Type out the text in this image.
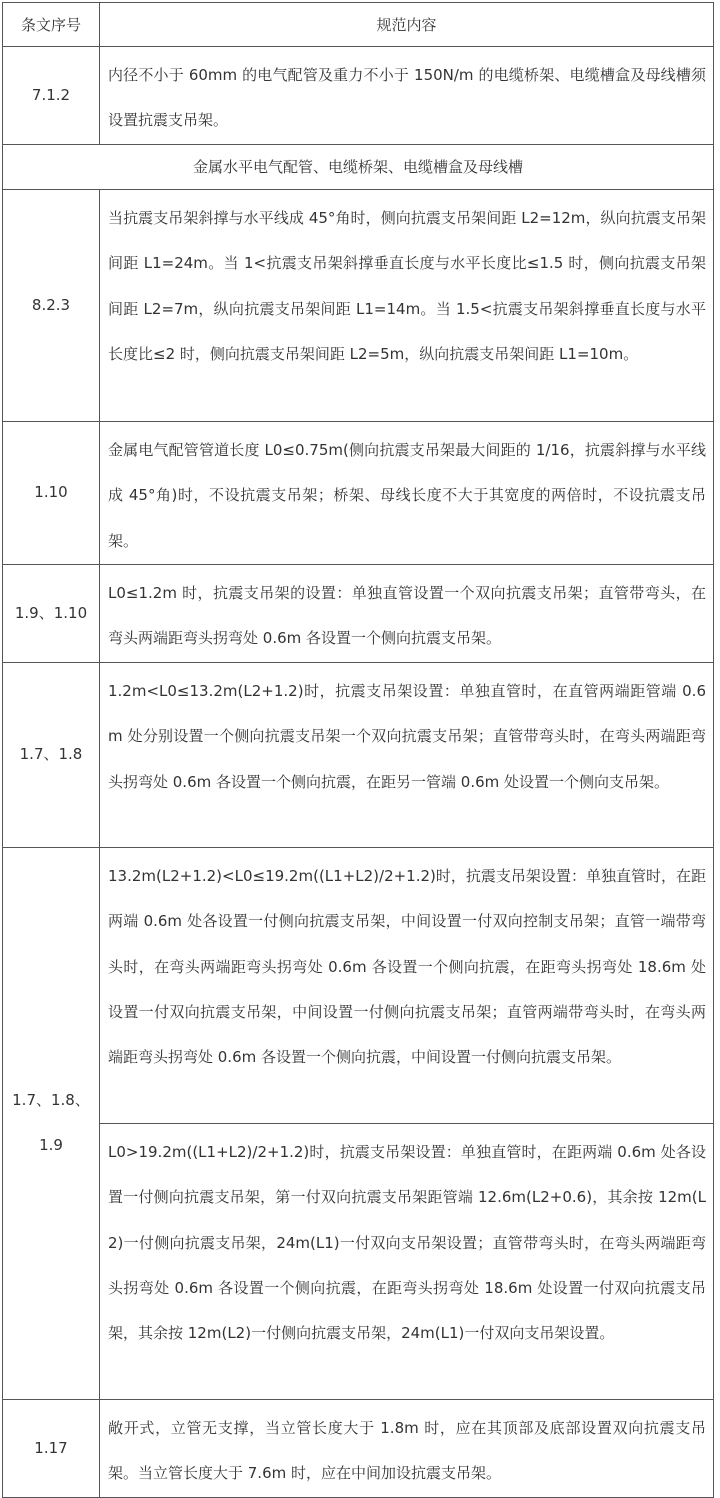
条文序号	规范内容
7.1.2	内径不小于 60mm 的电气配管及重力不小于 150N/m 的电缆桥架、电缆槽盒及母线槽须设置抗震支吊架。
金属水平电气配管、电缆桥架、电缆槽盒及母线槽	
8.2.3	当抗震支吊架斜撑与水平线成 45°角时，侧向抗震支吊架间距 L2=12m，纵向抗震支吊架间距 L1=24m。当 1<抗震支吊架斜撑垂直长度与水平长度比≤1.5 时，侧向抗震支吊架间距 L2=7m，纵向抗震支吊架间距 L1=14m。当 1.5<抗震支吊架斜撑垂直长度与水平长度比≤2 时，侧向抗震支吊架间距 L2=5m，纵向抗震支吊架间距 L1=10m。
1.10	金属电气配管管道长度 L0≤0.75m(侧向抗震支吊架最大间距的 1/16，抗震斜撑与水平线成 45°角)时，不设抗震支吊架；桥架、母线长度不大于其宽度的两倍时，不设抗震支吊架。
1.9、1.10	L0≤1.2m 时，抗震支吊架的设置：单独直管设置一个双向抗震支吊架；直管带弯头，在弯头两端距弯头拐弯处 0.6m 各设置一个侧向抗震支吊架。
1.7、1.8	1.2m<L0≤13.2m(L2+1.2)时，抗震支吊架设置：单独直管时，在直管两端距管端 0.6m 处分别设置一个侧向抗震支吊架一个双向抗震支吊架；直管带弯头时，在弯头两端距弯头拐弯处 0.6m 各设置一个侧向抗震，在距另一管端 0.6m 处设置一个侧向支吊架。
1.7、1.8、1.9	13.2m(L2+1.2)<L0≤19.2m((L1+L2)/2+1.2)时，抗震支吊架设置：单独直管时，在距两端 0.6m 处各设置一付侧向抗震支吊架，中间设置一付双向控制支吊架；直管一端带弯头时，在弯头两端距弯头拐弯处 0.6m 各设置一个侧向抗震，在距弯头拐弯处 18.6m 处设置一付双向抗震支吊架，中间设置一付侧向抗震支吊架；直管两端带弯头时，在弯头两端距弯头拐弯处 0.6m 各设置一个侧向抗震，中间设置一付侧向抗震支吊架。
	L0>19.2m((L1+L2)/2+1.2)时，抗震支吊架设置：单独直管时，在距两端 0.6m 处各设置一付侧向抗震支吊架，第一付双向抗震支吊架距管端 12.6m(L2+0.6)，其余按 12m(L2)一付侧向抗震支吊架，24m(L1)一付双向支吊架设置；直管带弯头时，在弯头两端距弯头拐弯处 0.6m 各设置一个侧向抗震，在距弯头拐弯处 18.6m 处设置一付双向抗震支吊架，其余按 12m(L2)一付侧向抗震支吊架，24m(L1)一付双向支吊架设置。
1.17	敞开式，立管无支撑，当立管长度大于 1.8m 时，应在其顶部及底部设置双向抗震支吊架。当立管长度大于 7.6m 时，应在中间加设抗震支吊架。
